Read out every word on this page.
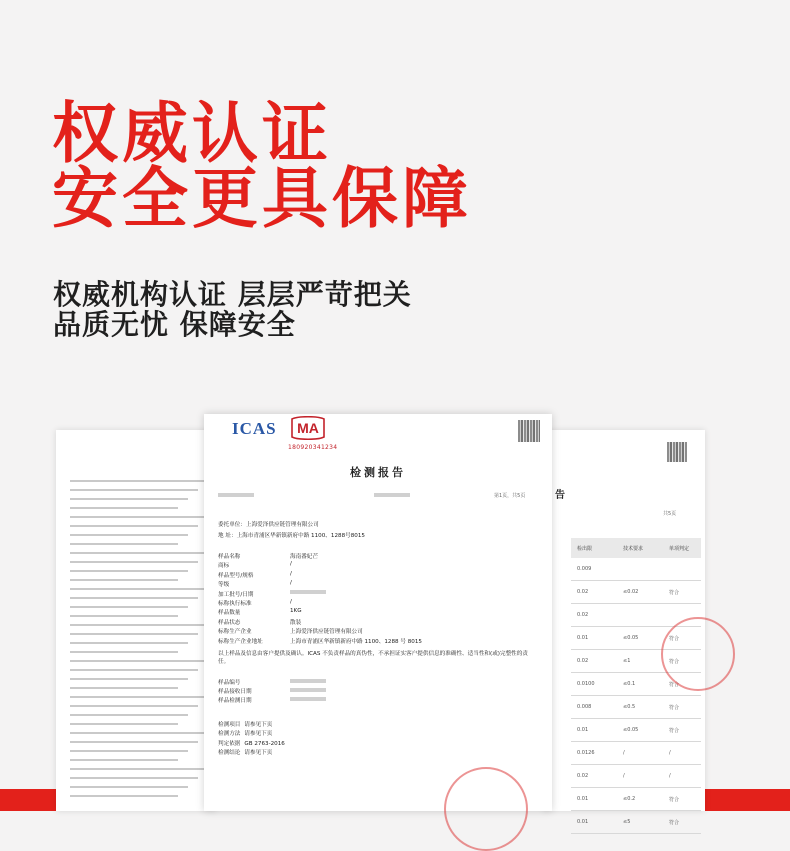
权威认证
安全更具保障
权威机构认证 层层严苛把关
品质无忧 保障安全
告
共5页
检出限	技术要求	单项判定
0.009
0.02	≤0.02	符合
0.02
0.01	≤0.05	符合
0.02	≤1	符合
0.0100	≤0.1	符合
0.008	≤0.5	符合
0.01	≤0.05	符合
0.0126	/	/
0.02	/	/
0.01	≤0.2	符合
0.01	≤5	符合
ICAS
MA
180920341234
检测报告
第1页，共5页
委托单位：上海爱泽供应链管理有限公司
地 址：上海市青浦区华新镇新府中路 1100、1288号8015
样品名称	海南番妃芒
商标	/
样品型号/规格	/
等级	/
加工批号/日期
标称执行标准	/
样品数量	1KG
样品状态	散装
标称生产企业	上海爱泽供应链管理有限公司
标称生产企业地址	上海市青浦区华新镇新府中路 1100、1288 号 8015
以上样品及信息由客户提供及确认。ICAS 不负责样品的真伪性，不承担证实客户提供信息的准确性、适当性和(或)完整性的责任。
样品编号
样品接收日期
样品检测日期
检测项目 请参见下页
检测方法 请参见下页
判定依据 GB 2763-2016
检测结论 请参见下页
